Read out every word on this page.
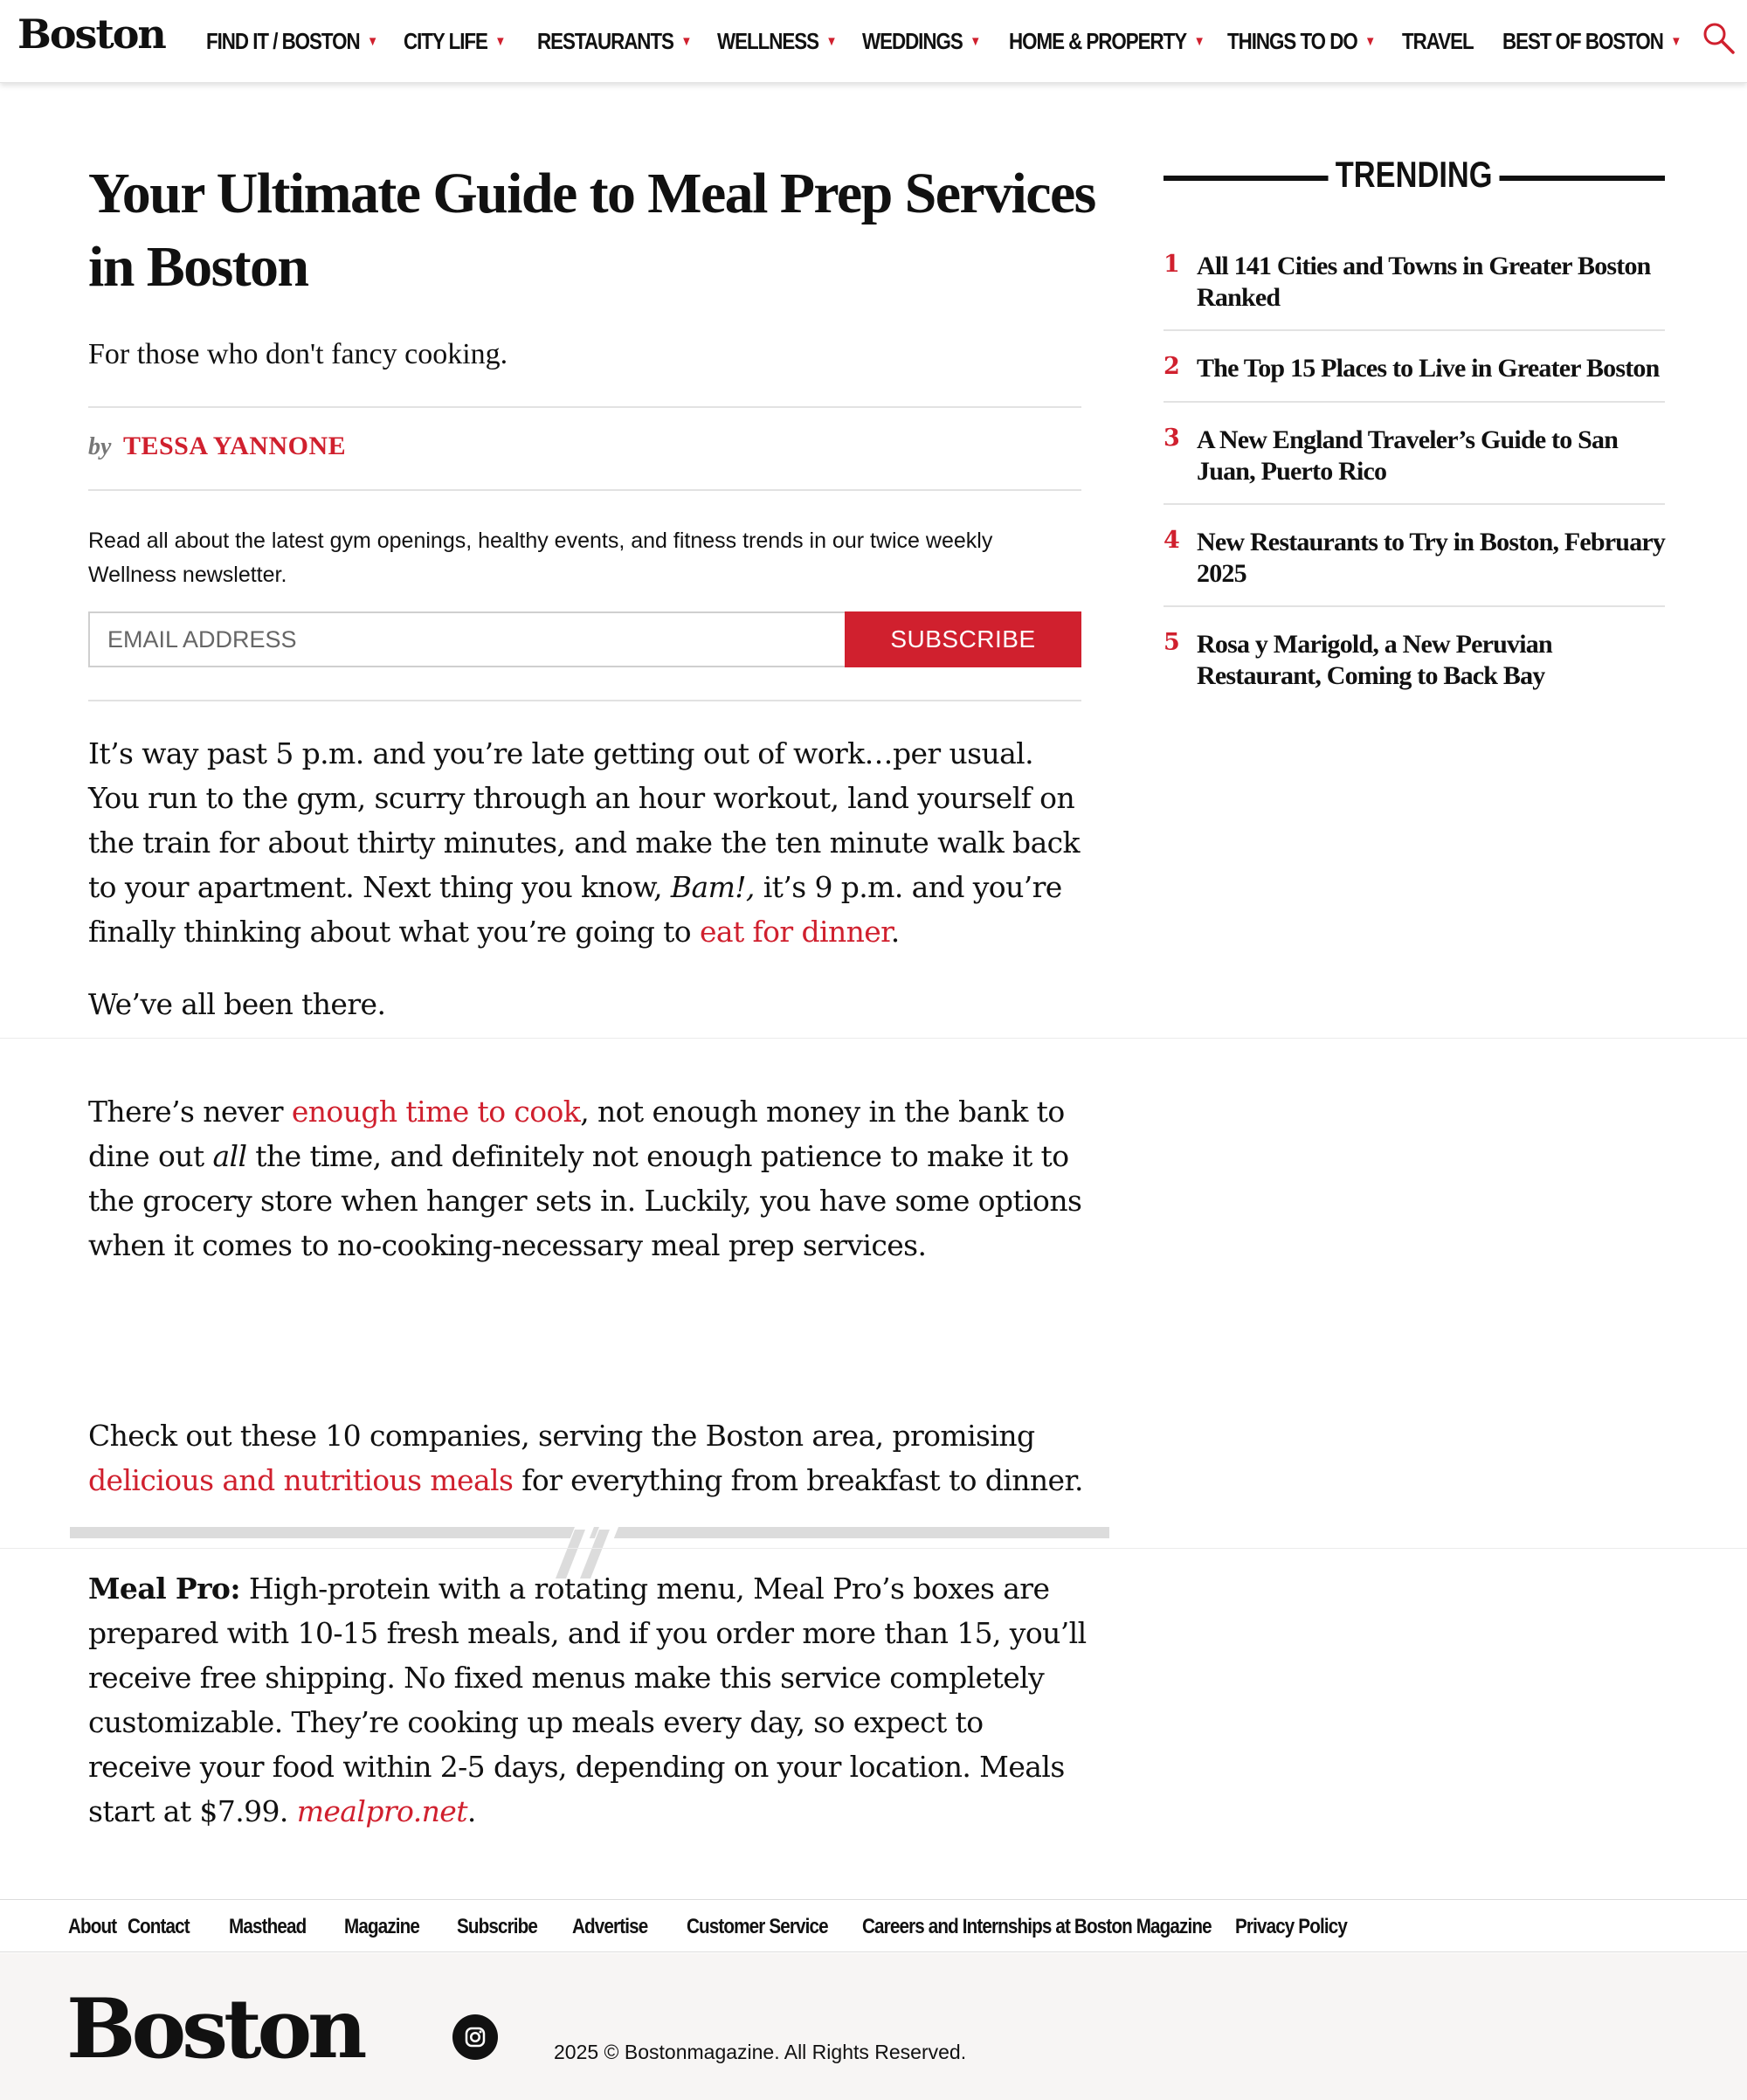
Boston FIND IT / BOSTON ▼ CITY LIFE ▼ RESTAURANTS ▼ WELLNESS ▼ WEDDINGS ▼ HOME & PROPERTY ▼ THINGS TO DO ▼ TRAVEL BEST OF BOSTON ▼
Your Ultimate Guide to Meal Prep Services in Boston

For those who don't fancy cooking.

by TESSA YANNONE

Read all about the latest gym openings, healthy events, and fitness trends in our twice weekly Wellness newsletter.

EMAIL ADDRESS
SUBSCRIBE

It’s way past 5 p.m. and you’re late getting out of work…per usual. You run to the gym, scurry through an hour workout, land yourself on the train for about thirty minutes, and make the ten minute walk back to your apartment. Next thing you know, Bam!, it’s 9 p.m. and you’re finally thinking about what you’re going to eat for dinner.

We’ve all been there.

There’s never enough time to cook, not enough money in the bank to dine out all the time, and definitely not enough patience to make it to the grocery store when hanger sets in. Luckily, you have some options when it comes to no-cooking-necessary meal prep services.

Check out these 10 companies, serving the Boston area, promising delicious and nutritious meals for everything from breakfast to dinner.

Meal Pro: High-protein with a rotating menu, Meal Pro’s boxes are prepared with 10-15 fresh meals, and if you order more than 15, you’ll receive free shipping. No fixed menus make this service completely customizable. They’re cooking up meals every day, so expect to receive your food within 2-5 days, depending on your location. Meals start at $7.99. mealpro.net.

TRENDING
1 All 141 Cities and Towns in Greater Boston Ranked
2 The Top 15 Places to Live in Greater Boston
3 A New England Traveler’s Guide to San Juan, Puerto Rico
4 New Restaurants to Try in Boston, February 2025
5 Rosa y Marigold, a New Peruvian Restaurant, Coming to Back Bay
About Contact	Masthead	Magazine	Subscribe	Advertise	Customer Service	Careers and Internships at Boston Magazine Privacy Policy
Boston	2025 © Bostonmagazine. All Rights Reserved.
